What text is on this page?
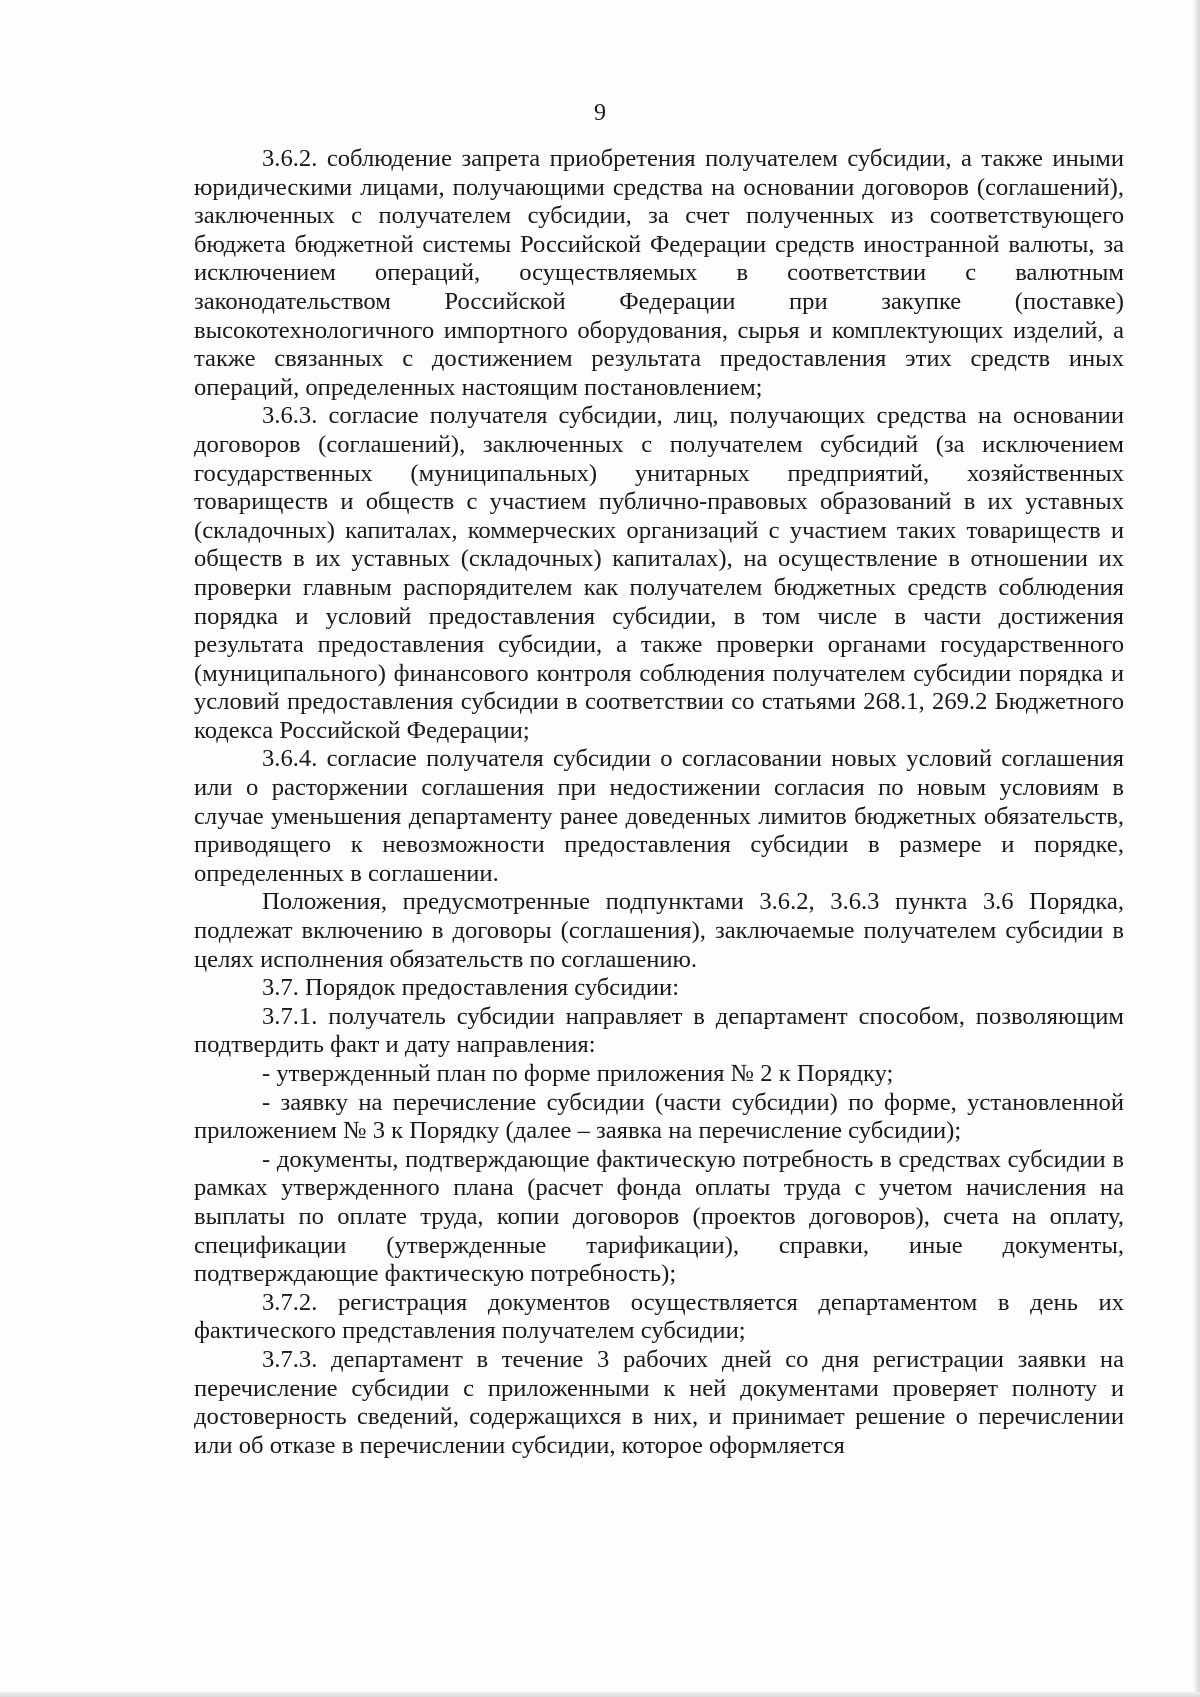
9

3.6.2. соблюдение запрета приобретения получателем субсидии, а также иными юридическими лицами, получающими средства на основании договоров (соглашений), заключенных с получателем субсидии, за счет полученных из соответствующего бюджета бюджетной системы Российской Федерации средств иностранной валюты, за исключением операций, осуществляемых в соответствии с валютным законодательством Российской Федерации при закупке (поставке) высокотехнологичного импортного оборудования, сырья и комплектующих изделий, а также связанных с достижением результата предоставления этих средств иных операций, определенных настоящим постановлением;

3.6.3. согласие получателя субсидии, лиц, получающих средства на основании договоров (соглашений), заключенных с получателем субсидий (за исключением государственных (муниципальных) унитарных предприятий, хозяйственных товариществ и обществ с участием публично-правовых образований в их уставных (складочных) капиталах, коммерческих организаций с участием таких товариществ и обществ в их уставных (складочных) капиталах), на осуществление в отношении их проверки главным распорядителем как получателем бюджетных средств соблюдения порядка и условий предоставления субсидии, в том числе в части достижения результата предоставления субсидии, а также проверки органами государственного (муниципального) финансового контроля соблюдения получателем субсидии порядка и условий предоставления субсидии в соответствии со статьями 268.1, 269.2 Бюджетного кодекса Российской Федерации;

3.6.4. согласие получателя субсидии о согласовании новых условий соглашения или о расторжении соглашения при недостижении согласия по новым условиям в случае уменьшения департаменту ранее доведенных лимитов бюджетных обязательств, приводящего к невозможности предоставления субсидии в размере и порядке, определенных в соглашении.

Положения, предусмотренные подпунктами 3.6.2, 3.6.3 пункта 3.6 Порядка, подлежат включению в договоры (соглашения), заключаемые получателем субсидии в целях исполнения обязательств по соглашению.

3.7. Порядок предоставления субсидии:

3.7.1. получатель субсидии направляет в департамент способом, позволяющим подтвердить факт и дату направления:

- утвержденный план по форме приложения № 2 к Порядку;

- заявку на перечисление субсидии (части субсидии) по форме, установленной приложением № 3 к Порядку (далее – заявка на перечисление субсидии);

- документы, подтверждающие фактическую потребность в средствах субсидии в рамках утвержденного плана (расчет фонда оплаты труда с учетом начисления на выплаты по оплате труда, копии договоров (проектов договоров), счета на оплату, спецификации (утвержденные тарификации), справки, иные документы, подтверждающие фактическую потребность);

3.7.2. регистрация документов осуществляется департаментом в день их фактического представления получателем субсидии;

3.7.3. департамент в течение 3 рабочих дней со дня регистрации заявки на перечисление субсидии с приложенными к ней документами проверяет полноту и достоверность сведений, содержащихся в них, и принимает решение о перечислении или об отказе в перечислении субсидии, которое оформляется
